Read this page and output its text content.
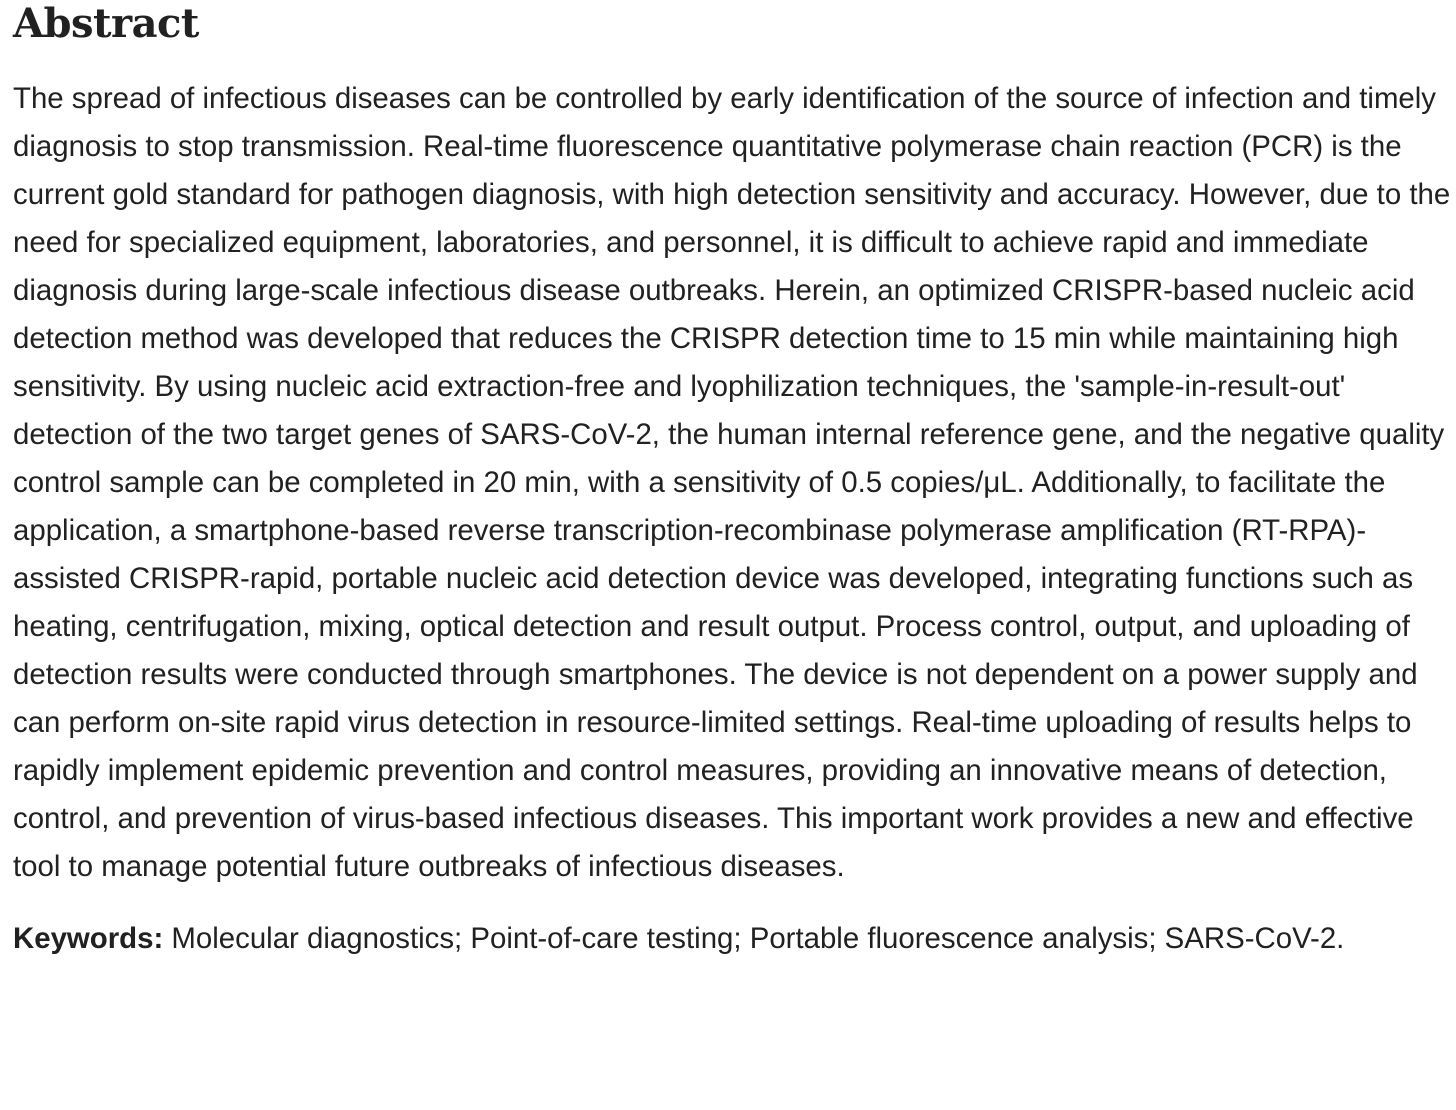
Abstract

The spread of infectious diseases can be controlled by early identification of the source of infection and timely diagnosis to stop transmission. Real-time fluorescence quantitative polymerase chain reaction (PCR) is the current gold standard for pathogen diagnosis, with high detection sensitivity and accuracy. However, due to the need for specialized equipment, laboratories, and personnel, it is difficult to achieve rapid and immediate diagnosis during large-scale infectious disease outbreaks. Herein, an optimized CRISPR-based nucleic acid detection method was developed that reduces the CRISPR detection time to 15 min while maintaining high sensitivity. By using nucleic acid extraction-free and lyophilization techniques, the 'sample-in-result-out' detection of the two target genes of SARS-CoV-2, the human internal reference gene, and the negative quality control sample can be completed in 20 min, with a sensitivity of 0.5 copies/μL. Additionally, to facilitate the application, a smartphone-based reverse transcription-recombinase polymerase amplification (RT-RPA)-assisted CRISPR-rapid, portable nucleic acid detection device was developed, integrating functions such as heating, centrifugation, mixing, optical detection and result output. Process control, output, and uploading of detection results were conducted through smartphones. The device is not dependent on a power supply and can perform on-site rapid virus detection in resource-limited settings. Real-time uploading of results helps to rapidly implement epidemic prevention and control measures, providing an innovative means of detection, control, and prevention of virus-based infectious diseases. This important work provides a new and effective tool to manage potential future outbreaks of infectious diseases.

Keywords: Molecular diagnostics; Point-of-care testing; Portable fluorescence analysis; SARS-CoV-2.
